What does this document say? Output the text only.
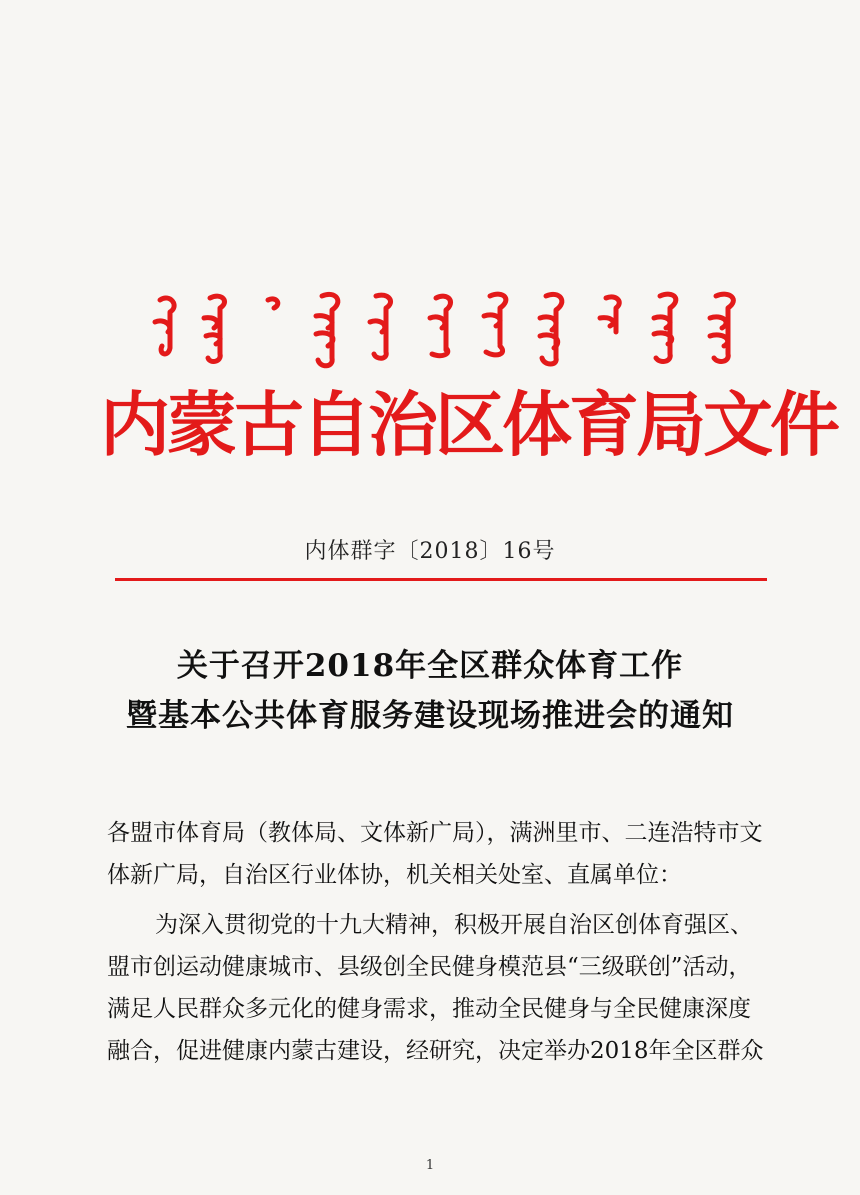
内蒙古自治区体育局文件
内体群字〔2018〕16号
关于召开2018年全区群众体育工作
暨基本公共体育服务建设现场推进会的通知
各盟市体育局（教体局、文体新广局），满洲里市、二连浩特市文
体新广局，自治区行业体协，机关相关处室、直属单位：
为深入贯彻党的十九大精神，积极开展自治区创体育强区、
盟市创运动健康城市、县级创全民健身模范县“三级联创”活动，
满足人民群众多元化的健身需求，推动全民健身与全民健康深度
融合，促进健康内蒙古建设，经研究，决定举办2018年全区群众
1
